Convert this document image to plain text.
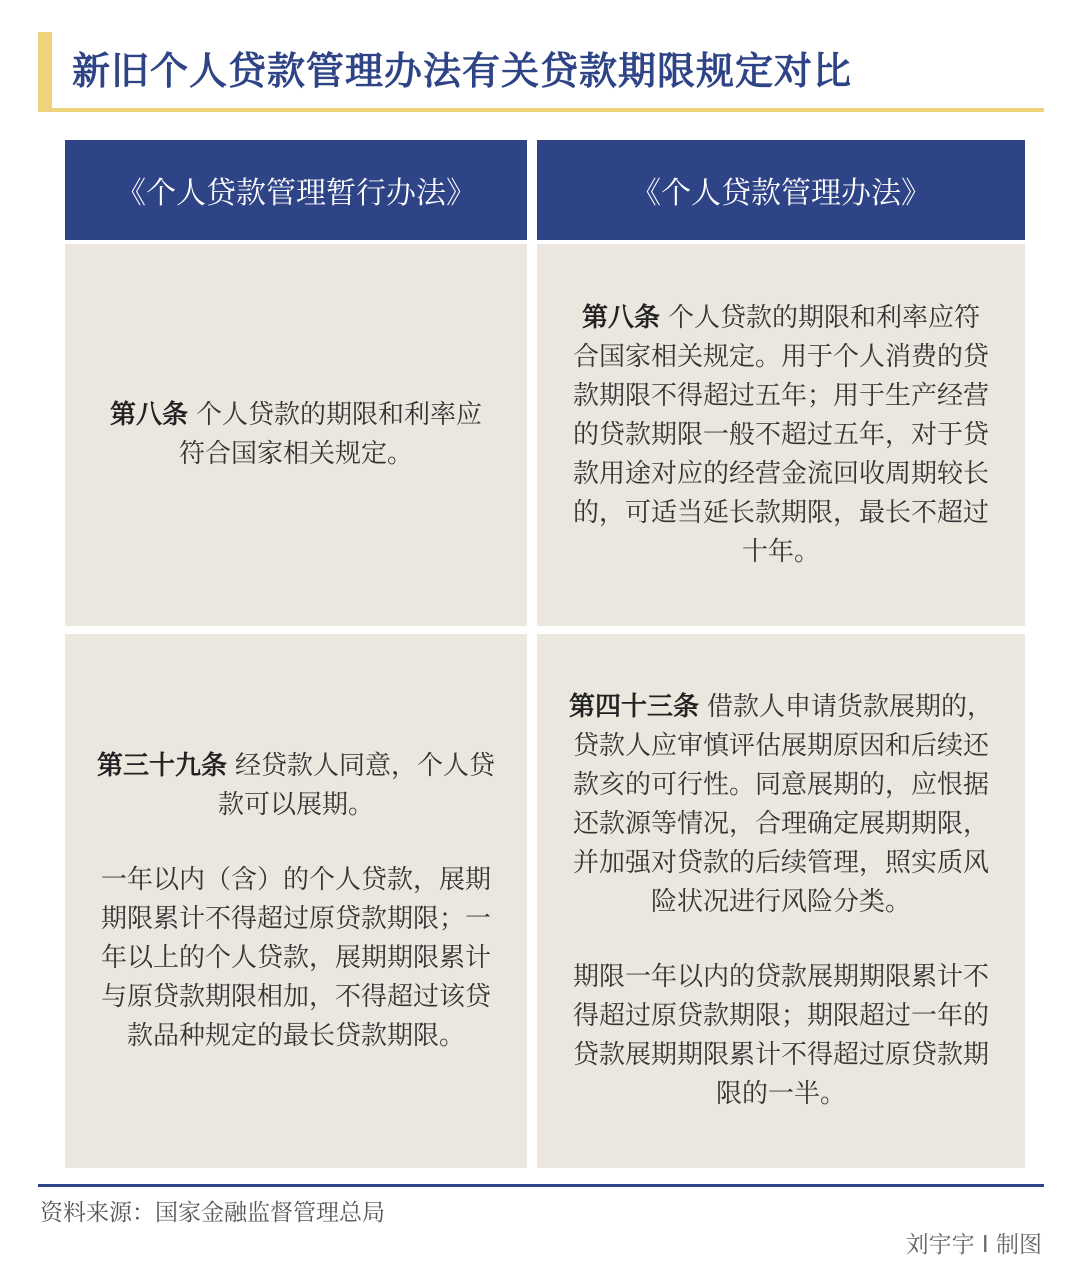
新旧个人贷款管理办法有关贷款期限规定对比
《个人贷款管理暂行办法》	《个人贷款管理办法》

第八条 个人贷款的期限和利率应符合国家相关规定。

第八条 个人贷款的期限和利率应符合国家相关规定。用于个人消费的贷款期限不得超过五年；用于生产经营的贷款期限一般不超过五年，对于贷款用途对应的经营金流回收周期较长的，可适当延长款期限，最长不超过十年。

第三十九条 经贷款人同意，个人贷款可以展期。

一年以内（含）的个人贷款，展期期限累计不得超过原贷款期限；一年以上的个人贷款，展期期限累计与原贷款期限相加，不得超过该贷款品种规定的最长贷款期限。

第四十三条 借款人申请货款展期的，贷款人应审慎评估展期原因和后续还款亥的可行性。同意展期的，应恨据还款源等情况，合理确定展期期限，并加强对贷款的后续管理，照实质风险状况进行风险分类。

期限一年以内的贷款展期期限累计不得超过原贷款期限；期限超过一年的贷款展期期限累计不得超过原贷款期限的一半。

资料来源：国家金融监督管理总局
刘宇宇 I 制图
